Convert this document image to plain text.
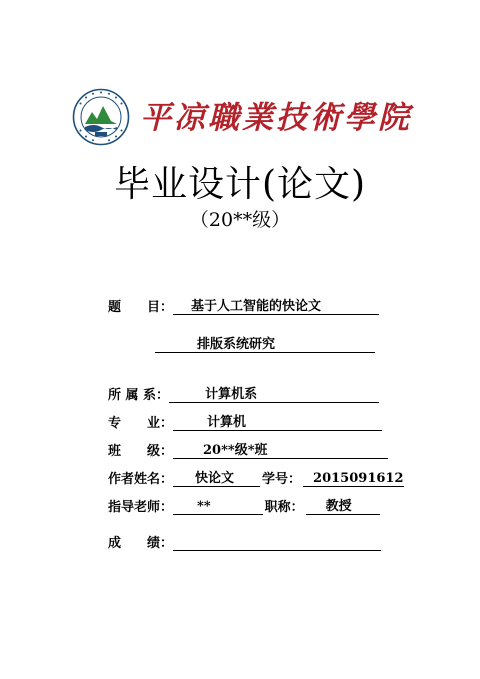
平凉職業技術學院
毕业设计(论文)
（20**级）
题　　目： 基于人工智能的快论文
排版系统研究
所 属 系：	计算机系
专　　业：	计算机
班　　级： 20**级*班
作者姓名： 快论文 学号： 2015091612
指导老师： **	职称： 教授
成　　绩：
